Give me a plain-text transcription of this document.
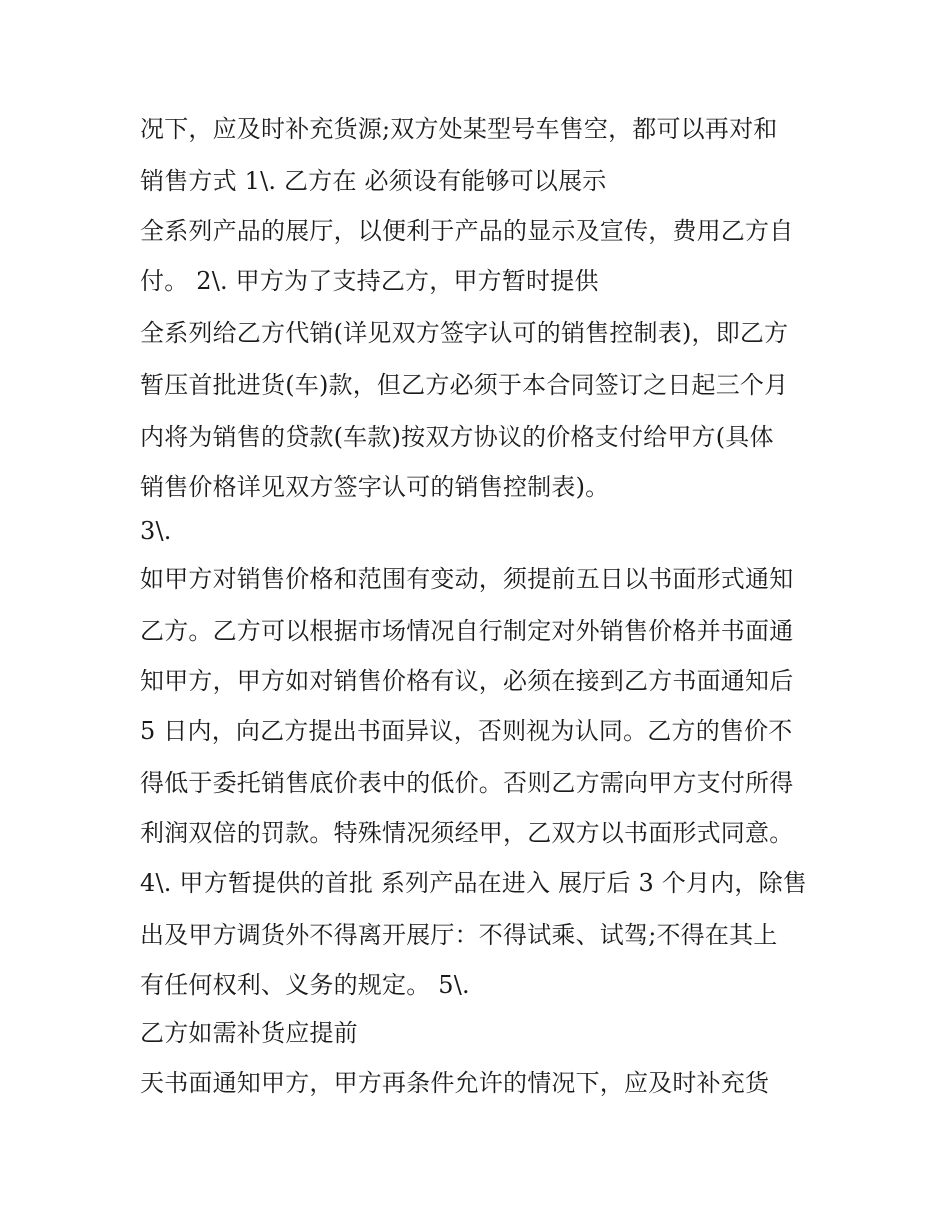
况下，应及时补充货源;双方处某型号车售空，都可以再对和
销售方式 1\. 乙方在 必须设有能够可以展示
全系列产品的展厅，以便利于产品的显示及宣传，费用乙方自
付。 2\. 甲方为了支持乙方，甲方暂时提供
全系列给乙方代销(详见双方签字认可的销售控制表)，即乙方
暂压首批进货(车)款，但乙方必须于本合同签订之日起三个月
内将为销售的贷款(车款)按双方协议的价格支付给甲方(具体
销售价格详见双方签字认可的销售控制表)。
3\.
如甲方对销售价格和范围有变动，须提前五日以书面形式通知
乙方。乙方可以根据市场情况自行制定对外销售价格并书面通
知甲方，甲方如对销售价格有议，必须在接到乙方书面通知后
5 日内，向乙方提出书面异议，否则视为认同。乙方的售价不
得低于委托销售底价表中的低价。否则乙方需向甲方支付所得
利润双倍的罚款。特殊情况须经甲，乙双方以书面形式同意。
4\. 甲方暂提供的首批 系列产品在进入 展厅后 3 个月内，除售
出及甲方调货外不得离开展厅：不得试乘、试驾;不得在其上
有任何权利、义务的规定。 5\.
乙方如需补货应提前
天书面通知甲方，甲方再条件允许的情况下，应及时补充货
